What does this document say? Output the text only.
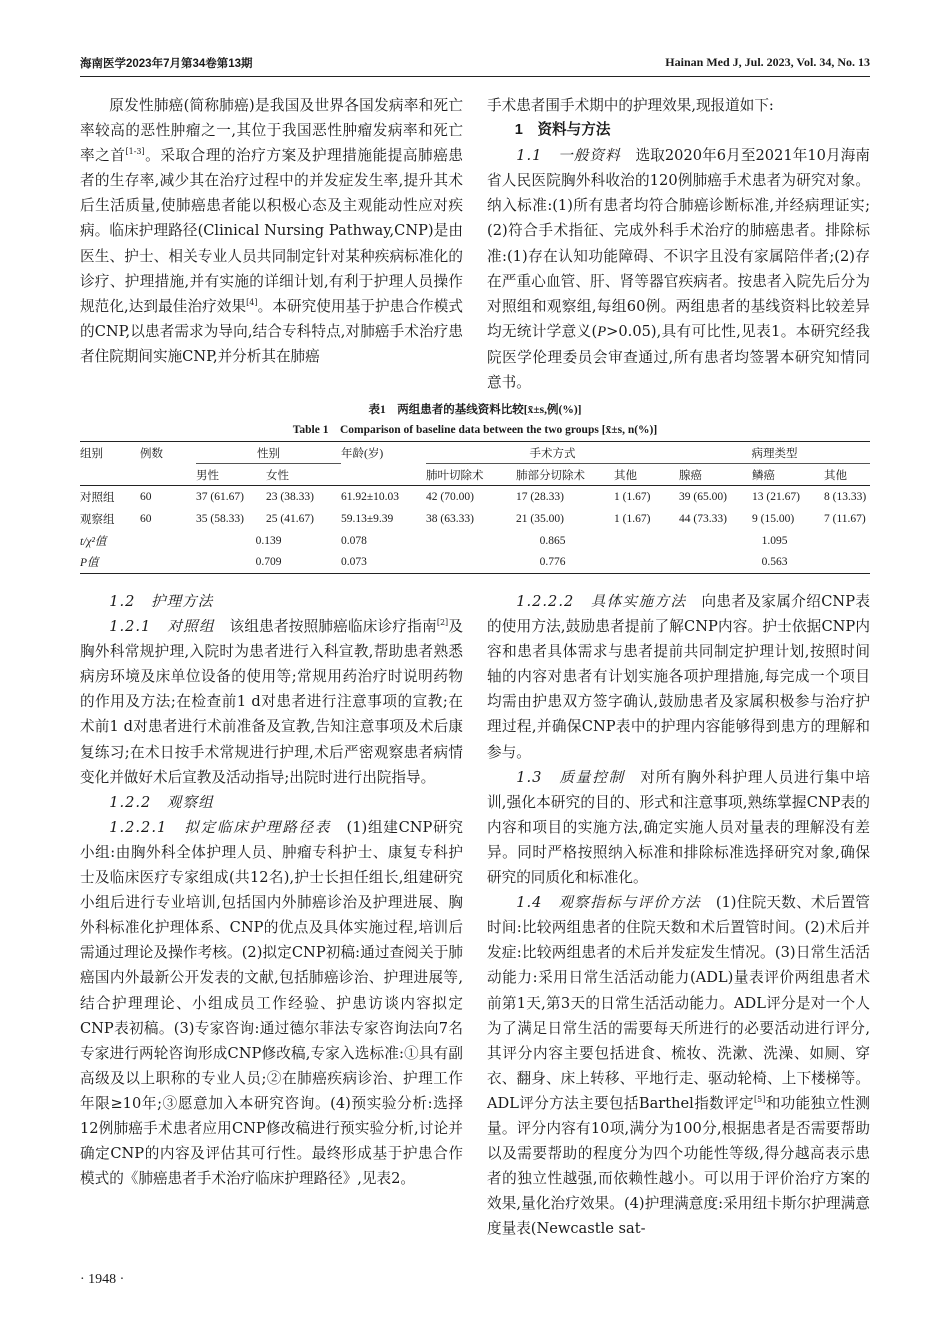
海南医学2023年7月第34卷第13期	Hainan Med J, Jul. 2023, Vol. 34, No. 13

原发性肺癌(简称肺癌)是我国及世界各国发病率和死亡率较高的恶性肿瘤之一,其位于我国恶性肿瘤发病率和死亡率之首[1-3]。采取合理的治疗方案及护理措施能提高肺癌患者的生存率,减少其在治疗过程中的并发症发生率,提升其术后生活质量,使肺癌患者能以积极心态及主观能动性应对疾病。临床护理路径(Clinical Nursing Pathway,CNP)是由医生、护士、相关专业人员共同制定针对某种疾病标准化的诊疗、护理措施,并有实施的详细计划,有利于护理人员操作规范化,达到最佳治疗效果[4]。本研究使用基于护患合作模式的CNP,以患者需求为导向,结合专科特点,对肺癌手术治疗患者住院期间实施CNP,并分析其在肺癌

手术患者围手术期中的护理效果,现报道如下:

1　资料与方法

1.1　一般资料　选取2020年6月至2021年10月海南省人民医院胸外科收治的120例肺癌手术患者为研究对象。纳入标准:(1)所有患者均符合肺癌诊断标准,并经病理证实;(2)符合手术指征、完成外科手术治疗的肺癌患者。排除标准:(1)存在认知功能障碍、不识字且没有家属陪伴者;(2)存在严重心血管、肝、肾等器官疾病者。按患者入院先后分为对照组和观察组,每组60例。两组患者的基线资料比较差异均无统计学意义(P>0.05),具有可比性,见表1。本研究经我院医学伦理委员会审查通过,所有患者均签署本研究知情同意书。

表1　两组患者的基线资料比较[x̄±s,例(%)]
Table 1　Comparison of baseline data between the two groups [x̄±s, n(%)]
组别	例数	性别		年龄(岁)	手术方式			病理类型		
		男性	女性		肺叶切除术	肺部分切除术	其他	腺癌	鳞癌	其他
对照组	60	37 (61.67)	23 (38.33)	61.92±10.03	42 (70.00)	17 (28.33)	1 (1.67)	39 (65.00)	13 (21.67)	8 (13.33)
观察组	60	35 (58.33)	25 (41.67)	59.13±9.39	38 (63.33)	21 (35.00)	1 (1.67)	44 (73.33)	9 (15.00)	7 (11.67)
t/χ²值		0.139		0.078	0.865			1.095		
P值		0.709		0.073	0.776			0.563		

1.2　护理方法

1.2.1　对照组　该组患者按照肺癌临床诊疗指南[2]及胸外科常规护理,入院时为患者进行入科宣教,帮助患者熟悉病房环境及床单位设备的使用等;常规用药治疗时说明药物的作用及方法;在检查前1 d对患者进行注意事项的宣教;在术前1 d对患者进行术前准备及宣教,告知注意事项及术后康复练习;在术日按手术常规进行护理,术后严密观察患者病情变化并做好术后宣教及活动指导;出院时进行出院指导。

1.2.2　观察组

1.2.2.1　拟定临床护理路径表　(1)组建CNP研究小组:由胸外科全体护理人员、肿瘤专科护士、康复专科护士及临床医疗专家组成(共12名),护士长担任组长,组建研究小组后进行专业培训,包括国内外肺癌诊治及护理进展、胸外科标准化护理体系、CNP的优点及具体实施过程,培训后需通过理论及操作考核。(2)拟定CNP初稿:通过查阅关于肺癌国内外最新公开发表的文献,包括肺癌诊治、护理进展等,结合护理理论、小组成员工作经验、护患访谈内容拟定CNP表初稿。(3)专家咨询:通过德尔菲法专家咨询法向7名专家进行两轮咨询形成CNP修改稿,专家入选标准:①具有副高级及以上职称的专业人员;②在肺癌疾病诊治、护理工作年限≥10年;③愿意加入本研究咨询。(4)预实验分析:选择12例肺癌手术患者应用CNP修改稿进行预实验分析,讨论并确定CNP的内容及评估其可行性。最终形成基于护患合作模式的《肺癌患者手术治疗临床护理路径》,见表2。

1.2.2.2　具体实施方法　向患者及家属介绍CNP表的使用方法,鼓励患者提前了解CNP内容。护士依据CNP内容和患者具体需求与患者提前共同制定护理计划,按照时间轴的内容对患者有计划实施各项护理措施,每完成一个项目均需由护患双方签字确认,鼓励患者及家属积极参与治疗护理过程,并确保CNP表中的护理内容能够得到患方的理解和参与。

1.3　质量控制　对所有胸外科护理人员进行集中培训,强化本研究的目的、形式和注意事项,熟练掌握CNP表的内容和项目的实施方法,确定实施人员对量表的理解没有差异。同时严格按照纳入标准和排除标准选择研究对象,确保研究的同质化和标准化。

1.4　观察指标与评价方法　(1)住院天数、术后置管时间:比较两组患者的住院天数和术后置管时间。(2)术后并发症:比较两组患者的术后并发症发生情况。(3)日常生活活动能力:采用日常生活活动能力(ADL)量表评价两组患者术前第1天,第3天的日常生活活动能力。ADL评分是对一个人为了满足日常生活的需要每天所进行的必要活动进行评分,其评分内容主要包括进食、梳妆、洗漱、洗澡、如厕、穿衣、翻身、床上转移、平地行走、驱动轮椅、上下楼梯等。ADL评分方法主要包括Barthel指数评定[5]和功能独立性测量。评分内容有10项,满分为100分,根据患者是否需要帮助以及需要帮助的程度分为四个功能性等级,得分越高表示患者的独立性越强,而依赖性越小。可以用于评价治疗方案的效果,量化治疗效果。(4)护理满意度:采用纽卡斯尔护理满意度量表(Newcastle sat-

· 1948 ·
